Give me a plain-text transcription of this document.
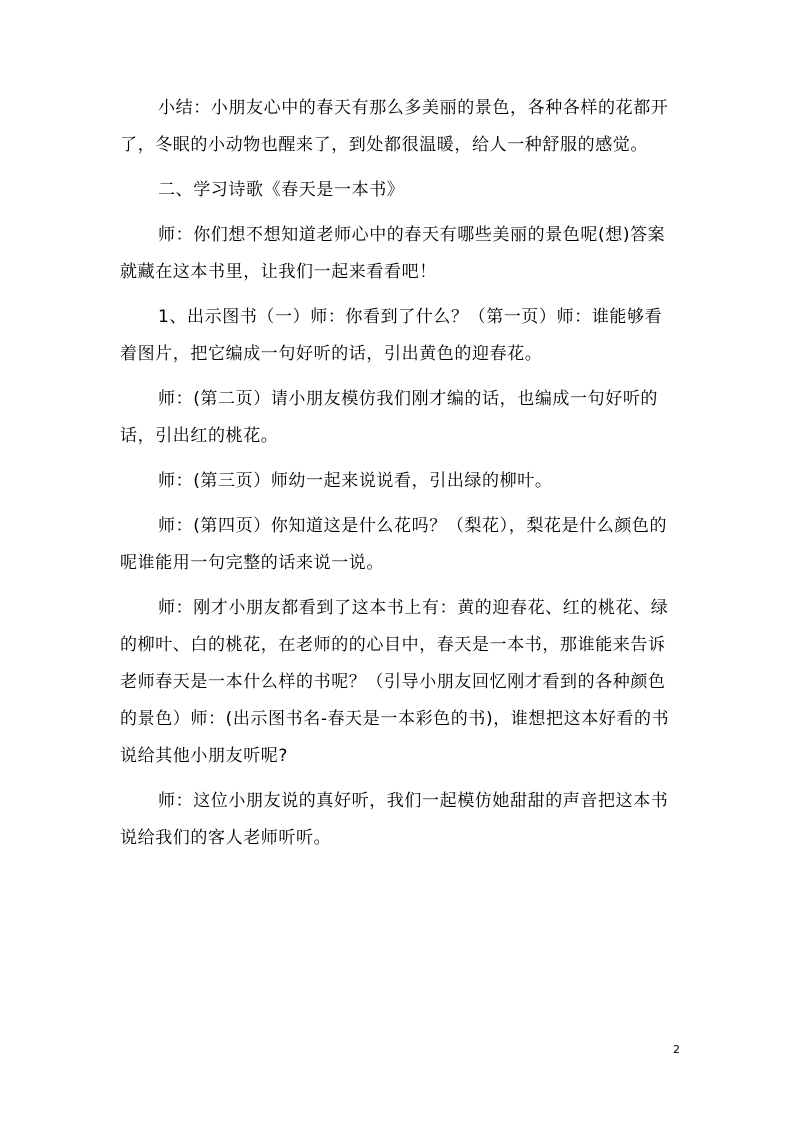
小结：小朋友心中的春天有那么多美丽的景色，各种各样的花都开了，冬眠的小动物也醒来了，到处都很温暖，给人一种舒服的感觉。

二、学习诗歌《春天是一本书》

师：你们想不想知道老师心中的春天有哪些美丽的景色呢(想)答案就藏在这本书里，让我们一起来看看吧！

1、出示图书（一）师：你看到了什么？（第一页）师：谁能够看着图片，把它编成一句好听的话，引出黄色的迎春花。

师：(第二页）请小朋友模仿我们刚才编的话，也编成一句好听的话，引出红的桃花。

师：(第三页）师幼一起来说说看，引出绿的柳叶。

师：(第四页）你知道这是什么花吗？（梨花），梨花是什么颜色的呢谁能用一句完整的话来说一说。

师：刚才小朋友都看到了这本书上有：黄的迎春花、红的桃花、绿的柳叶、白的桃花，在老师的的心目中，春天是一本书，那谁能来告诉老师春天是一本什么样的书呢？（引导小朋友回忆刚才看到的各种颜色的景色）师：(出示图书名-春天是一本彩色的书)，谁想把这本好看的书说给其他小朋友听呢?

师：这位小朋友说的真好听，我们一起模仿她甜甜的声音把这本书说给我们的客人老师听听。

2
